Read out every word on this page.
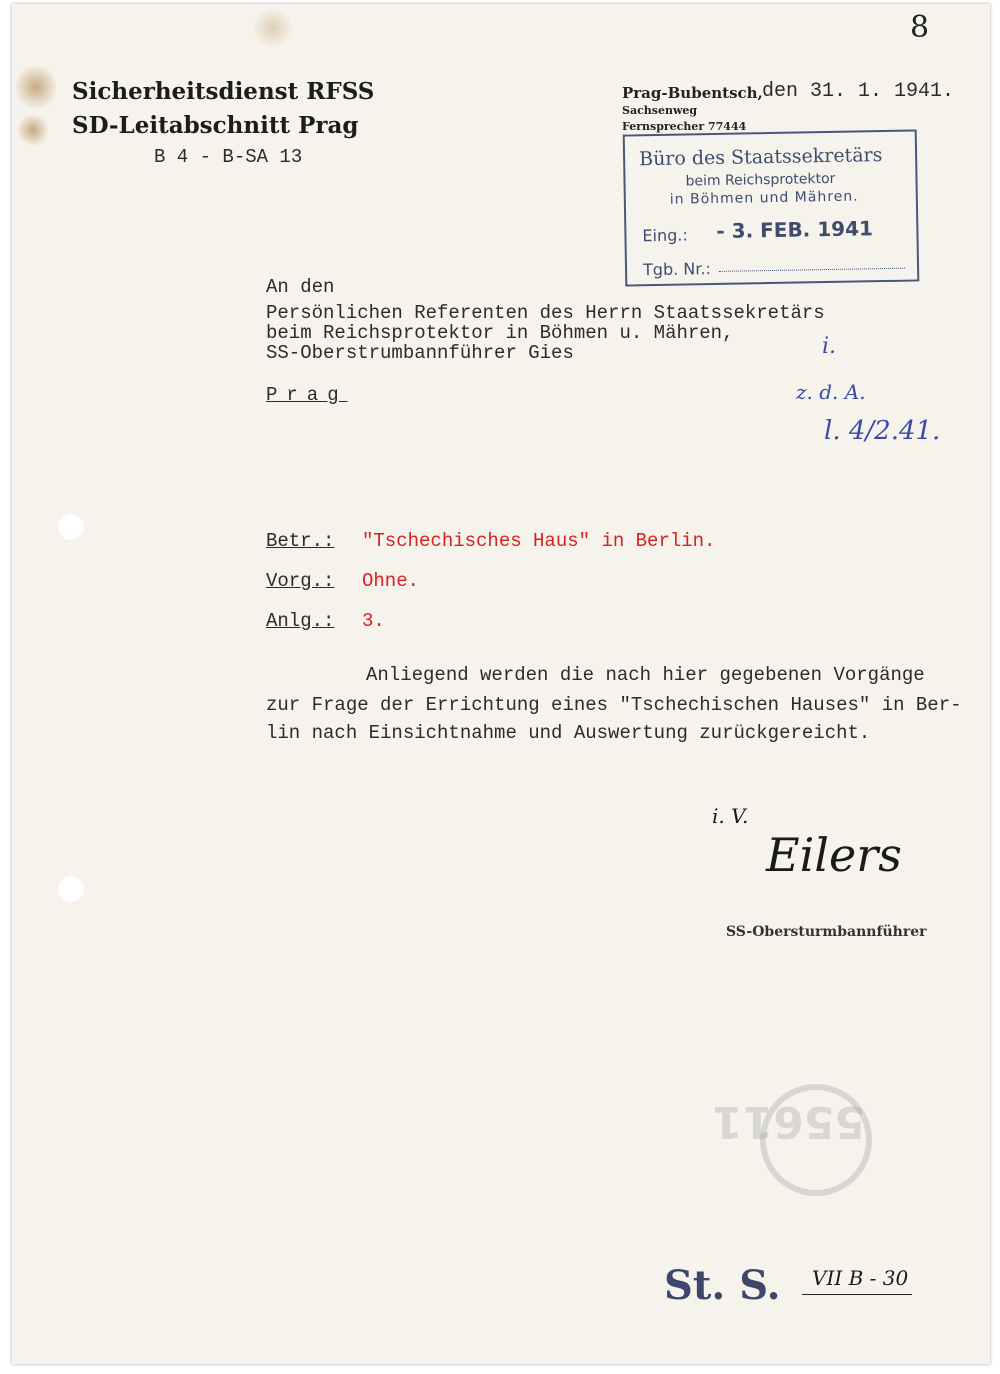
8
Sicherheitsdienst RFSS
SD-Leitabschnitt Prag
B 4 - B-SA 13
Prag-Bubentsch, den 31. 1. 1941.
Sachsenweg
Fernsprecher 77444
Büro des Staatssekretärs
beim Reichsprotektor
in Böhmen und Mähren.
Eing.: - 3. FEB. 1941
Tgb. Nr.:
An den
Persönlichen Referenten des Herrn Staatssekretärs
beim Reichsprotektor in Böhmen u. Mähren,
SS-Oberstrumbannführer Gies
Prag
i.
z. d. A.
l. 4/2.41.
Betr.: "Tschechisches Haus" in Berlin.
Vorg.: Ohne.
Anlg.: 3.
Anliegend werden die nach hier gegebenen Vorgänge
zur Frage der Errichtung eines "Tschechischen Hauses" in Ber-
lin nach Einsichtnahme und Auswertung zurückgereicht.
i. V.
Eilers
SS-Obersturmbannführer
55611
St. S. VII B - 30
